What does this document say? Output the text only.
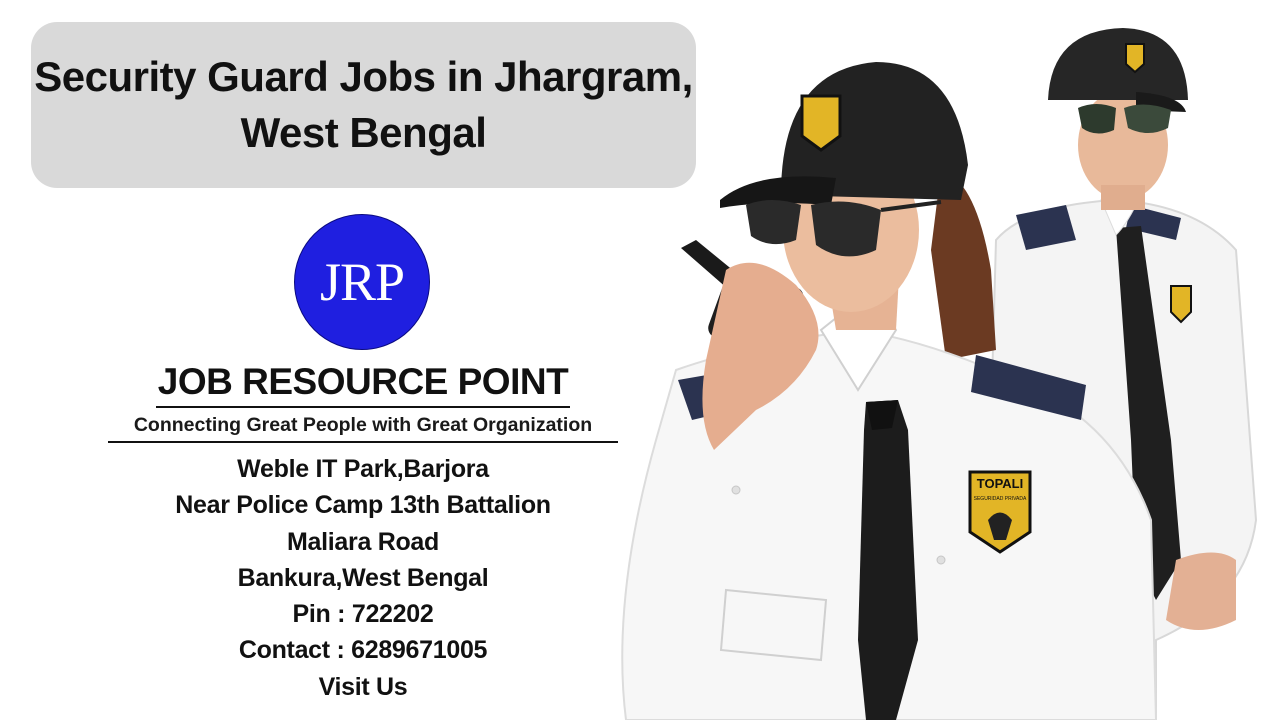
Security Guard Jobs in Jhargram,
West Bengal
JRP
JOB RESOURCE POINT
Connecting Great People with Great Organization
Weble IT Park,Barjora
Near Police Camp 13th Battalion
Maliara Road
Bankura,West Bengal
Pin : 722202
Contact : 6289671005
Visit Us
TOPALI
SEGURIDAD PRIVADA
